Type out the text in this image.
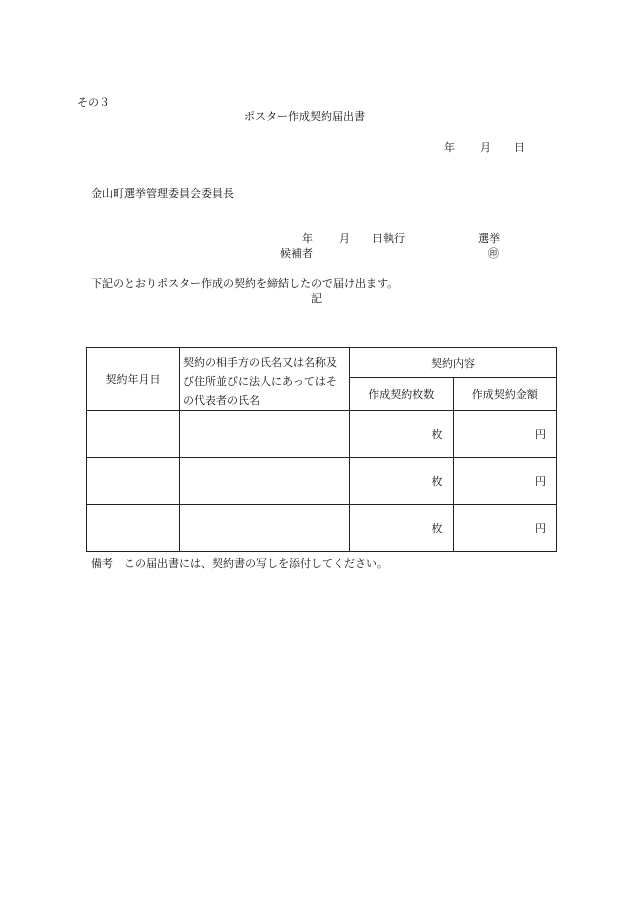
その３
ポスター作成契約届出書
年 月 日
金山町選挙管理委員会委員長
年 月 日執行	選挙
候補者	㊞
下記のとおりポスター作成の契約を締結したので届け出ます。
記
契約年月日	契約の相手方の氏名又は名称及び住所並びに法人にあってはその代表者の氏名	契約内容	
		作成契約枚数	作成契約金額
		枚	円
		枚	円
		枚	円
備考　この届出書には、契約書の写しを添付してください。
